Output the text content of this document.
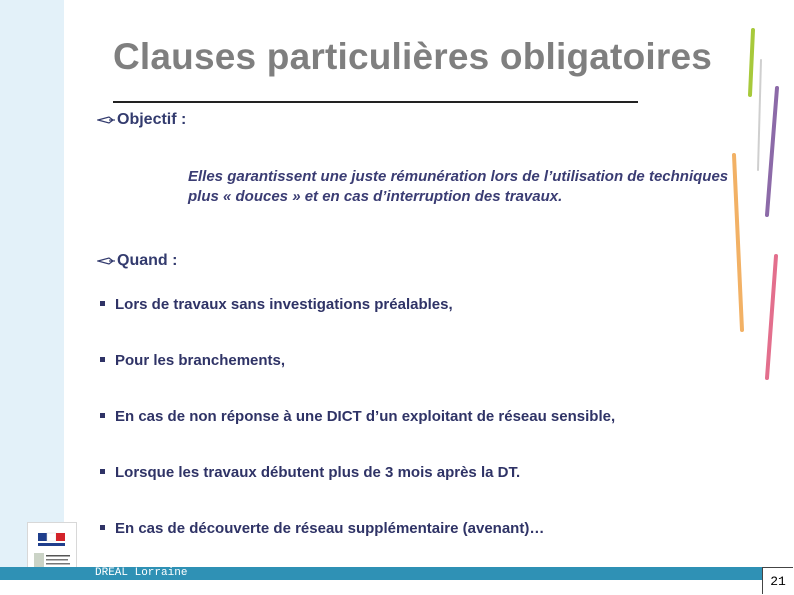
Clauses particulières obligatoires
Objectif :
Elles garantissent une juste rémunération lors de l’utilisation de techniques plus « douces » et en cas d’interruption des travaux.
Quand :
Lors de travaux sans investigations préalables,
Pour les branchements,
En cas de non réponse à une DICT d’un exploitant de réseau sensible,
Lorsque les travaux débutent plus de 3 mois après la DT.
En cas de découverte de réseau supplémentaire (avenant)…
DREAL Lorraine
21
